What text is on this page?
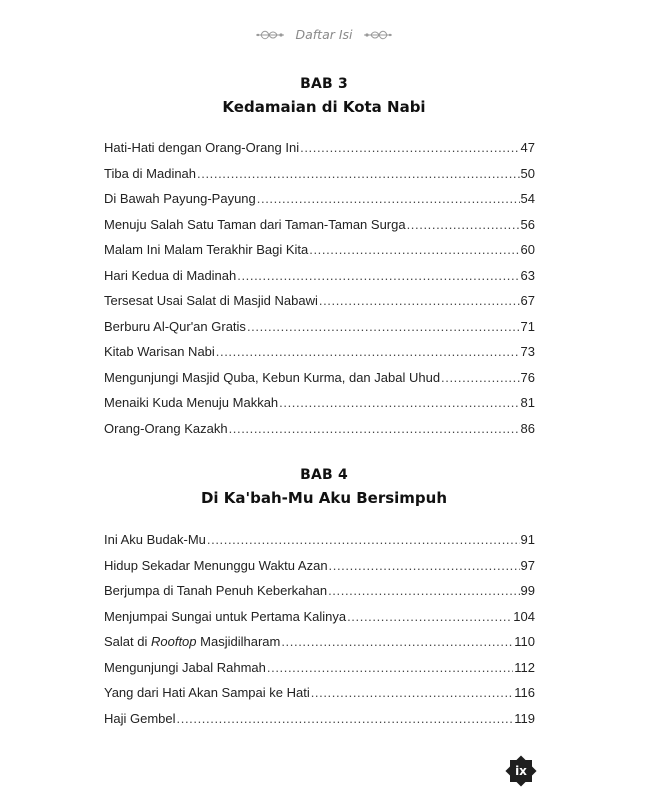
Daftar Isi
BAB 3
Kedamaian di Kota Nabi
Hati-Hati dengan Orang-Orang Ini .....	47
Tiba di Madinah .....	50
Di Bawah Payung-Payung .....	54
Menuju Salah Satu Taman dari Taman-Taman Surga .....	56
Malam Ini Malam Terakhir Bagi Kita .....	60
Hari Kedua di Madinah .....	63
Tersesat Usai Salat di Masjid Nabawi .....	67
Berburu Al-Qur'an Gratis .....	71
Kitab Warisan Nabi .....	73
Mengunjungi Masjid Quba, Kebun Kurma, dan Jabal Uhud .....	76
Menaiki Kuda Menuju Makkah .....	81
Orang-Orang Kazakh .....	86
BAB 4
Di Ka'bah-Mu Aku Bersimpuh
Ini Aku Budak-Mu .....	91
Hidup Sekadar Menunggu Waktu Azan .....	97
Berjumpa di Tanah Penuh Keberkahan .....	99
Menjumpai Sungai untuk Pertama Kalinya .....	104
Salat di Rooftop Masjidilharam .....	110
Mengunjungi Jabal Rahmah .....	112
Yang dari Hati Akan Sampai ke Hati .....	116
Haji Gembel .....	119
ix
